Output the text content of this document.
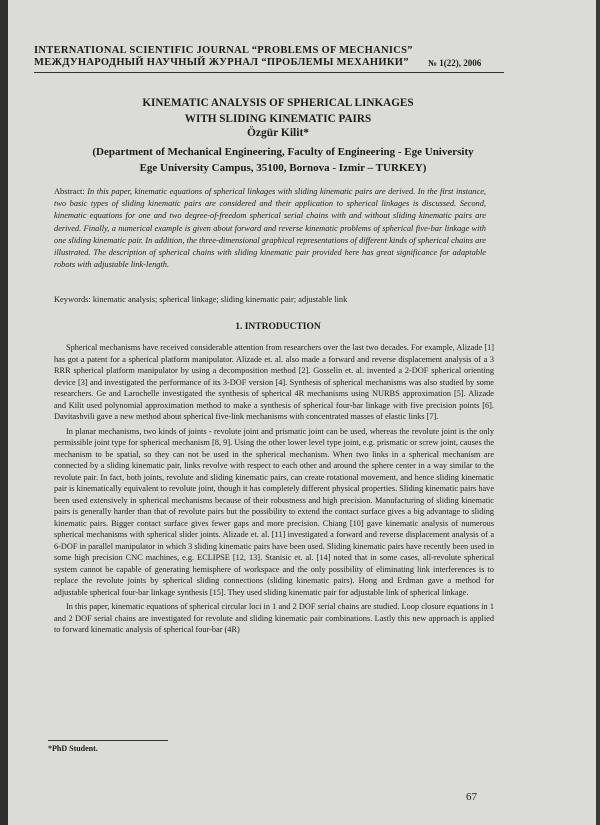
INTERNATIONAL SCIENTIFIC JOURNAL “PROBLEMS OF MECHANICS”
МЕЖДУНАРОДНЫЙ НАУЧНЫЙ ЖУРНАЛ “ПРОБЛЕМЫ МЕХАНИКИ”	№ 1(22), 2006
KINEMATIC ANALYSIS OF SPHERICAL LINKAGES
WITH SLIDING KINEMATIC PAIRS
Özgür Kilit*
(Department of Mechanical Engineering, Faculty of Engineering - Ege University
Ege University Campus, 35100, Bornova - Izmir – TURKEY)
Abstract: In this paper, kinematic equations of spherical linkages with sliding kinematic pairs are derived. In the first instance, two basic types of sliding kinematic pairs are considered and their application to spherical linkages is discussed. Second, kinematic equations for one and two degree-of-freedom spherical serial chains with and without sliding kinematic pairs are derived. Finally, a numerical example is given about forward and reverse kinematic problems of spherical five-bar linkage with one sliding kinematic pair. In addition, the three-dimensional graphical representations of different kinds of spherical chains are illustrated. The description of spherical chains with sliding kinematic pair provided here has great significance for adaptable robots with adjustable link-length.
Keywords: kinematic analysis; spherical linkage; sliding kinematic pair; adjustable link
1. INTRODUCTION

Spherical mechanisms have received considerable attention from researchers over the last two decades. For example, Alizade [1] has got a patent for a spherical platform manipulator. Alizade et. al. also made a forward and reverse displacement analysis of a 3 RRR spherical platform manipulator by using a decomposition method [2]. Gosselin et. al. invented a 2-DOF spherical orienting device [3] and investigated the performance of its 3-DOF version [4]. Synthesis of spherical mechanisms was also studied by some researchers. Ge and Larochelle investigated the synthesis of spherical 4R mechanisms using NURBS approximation [5]. Alizade and Kilit used polynomial approximation method to make a synthesis of spherical four-bar linkage with five precision points [6]. Davitashvili gave a new method about spherical five-link mechanisms with concentrated masses of elastic links [7].

In planar mechanisms, two kinds of joints - revolute joint and prismatic joint can be used, whereas the revolute joint is the only permissible joint type for spherical mechanism [8, 9]. Using the other lower level type joint, e.g. prismatic or screw joint, causes the mechanism to be spatial, so they can not be used in the spherical mechanism. When two links in a spherical mechanism are connected by a sliding kinematic pair, links revolve with respect to each other and around the sphere center in a way similar to the revolute pair. In fact, both joints, revolute and sliding kinematic pairs, can create rotational movement, and hence sliding kinematic pair is kinematically equivalent to revolute joint, though it has completely different physical properties. Sliding kinematic pairs have been used extensively in spherical mechanisms because of their robustness and high precision. Manufacturing of sliding kinematic pairs is generally harder than that of revolute pairs but the possibility to extend the contact surface gives a big advantage to sliding kinematic pairs. Bigger contact surface gives fewer gaps and more precision. Chiang [10] gave kinematic analysis of numerous spherical mechanisms with spherical slider joints. Alizade et. al. [11] investigated a forward and reverse displacement analysis of a 6-DOF in parallel manipulator in which 3 sliding kinematic pairs have been used. Sliding kinematic pairs have recently been used in some high precision CNC machines, e.g. ECLIPSE [12, 13]. Stanisic et. al. [14] noted that in some cases, all-revolute spherical system cannot be capable of generating hemisphere of workspace and the only possibility of eliminating link interferences is to replace the revolute joints by spherical sliding connections (sliding kinematic pairs). Hong and Erdman gave a method for adjustable spherical four-bar linkage synthesis [15]. They used sliding kinematic pair for adjustable link of spherical linkage.

In this paper, kinematic equations of spherical circular loci in 1 and 2 DOF serial chains are studied. Loop closure equations in 1 and 2 DOF serial chains are investigated for revolute and sliding kinematic pair combinations. Lastly this new approach is applied to forward kinematic analysis of spherical four-bar (4R)

*PhD Student.
67
